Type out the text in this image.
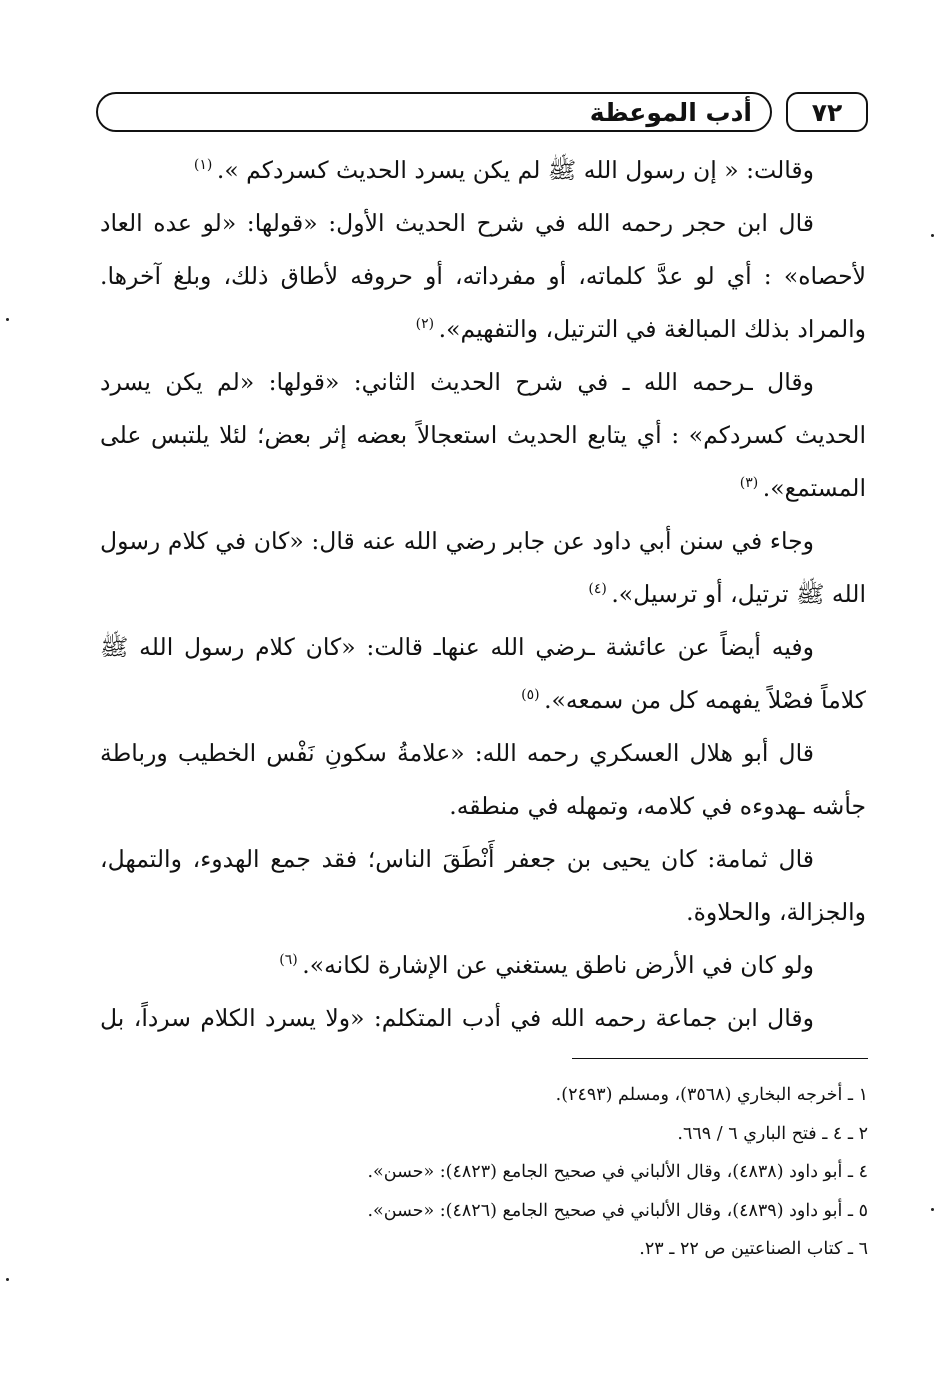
٧٢
أدب الموعظة

وقالت: « إن رسول الله ﷺ لم يكن يسرد الحديث كسردكم ». $^{(١)}$

قال ابن حجر رحمه الله في شرح الحديث الأول: «قولها: «لو عده العاد لأحصاه» : أي لو عدَّ كلماته، أو مفرداته، أو حروفه لأطاق ذلك، وبلغ آخرها.

والمراد بذلك المبالغة في الترتيل، والتفهيم». $^{(٢)}$

وقال ـرحمه الله ـ في شرح الحديث الثاني: «قولها: «لم يكن يسرد الحديث كسردكم» : أي يتابع الحديث استعجالاً بعضه إثر بعض؛ لئلا يلتبس على المستمع». $^{(٣)}$

وجاء في سنن أبي داود عن جابر رضي الله عنه قال: «كان في كلام رسول الله ﷺ ترتيل، أو ترسيل». $^{(٤)}$

وفيه أيضاً عن عائشة ـرضي الله عنهاـ قالت: «كان كلام رسول الله ﷺ كلاماً فصْلاً يفهمه كل من سمعه». $^{(٥)}$

قال أبو هلال العسكري رحمه الله: «علامةُ سكونِ نَفْس الخطيب ورباطة جأشه ـهدوءه في كلامه، وتمهله في منطقه.

قال ثمامة: كان يحيى بن جعفر أَنْطَقَ الناس؛ فقد جمع الهدوء، والتمهل، والجزالة، والحلاوة.

ولو كان في الأرض ناطق يستغني عن الإشارة لكانه». $^{(٦)}$

وقال ابن جماعة رحمه الله في أدب المتكلم: «ولا يسرد الكلام سرداً، بل

١ ـ أخرجه البخاري (٣٥٦٨)، ومسلم (٢٤٩٣).

٢ ـ ٤ ـ فتح الباري ٦ / ٦٦٩.

٤ ـ أبو داود (٤٨٣٨)، وقال الألباني في صحيح الجامع (٤٨٢٣): «حسن».

٥ ـ أبو داود (٤٨٣٩)، وقال الألباني في صحيح الجامع (٤٨٢٦): «حسن».

٦ ـ كتاب الصناعتين ص ٢٢ ـ ٢٣.
